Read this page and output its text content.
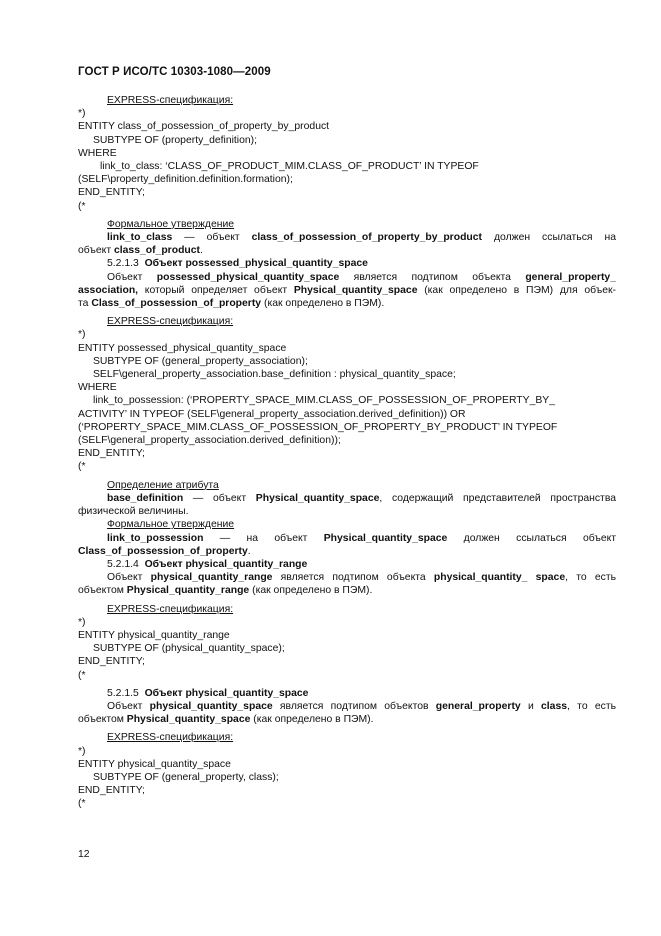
ГОСТ Р ИСО/ТС 10303-1080—2009
EXPRESS-спецификация:
*)
ENTITY class_of_possession_of_property_by_product
SUBTYPE OF (property_definition);
WHERE
link_to_class: ‘CLASS_OF_PRODUCT_MIM.CLASS_OF_PRODUCT’ IN TYPEOF
(SELF\property_definition.definition.formation);
END_ENTITY;
(*
Формальное утверждение
link_to_class — объект class_of_possession_of_property_by_product должен ссылаться на
объект class_of_product.
5.2.1.3  Объект possessed_physical_quantity_space
Объект possessed_physical_quantity_space является подтипом объекта general_property_
association, который определяет объект Physical_quantity_space (как определено в ПЭМ) для объек-
та Class_of_possession_of_property (как определено в ПЭМ).
EXPRESS-спецификация:
*)
ENTITY possessed_physical_quantity_space
SUBTYPE OF (general_property_association);
SELF\general_property_association.base_definition : physical_quantity_space;
WHERE
link_to_possession: (‘PROPERTY_SPACE_MIM.CLASS_OF_POSSESSION_OF_PROPERTY_BY_
ACTIVITY’ IN TYPEOF (SELF\general_property_association.derived_definition)) OR
(‘PROPERTY_SPACE_MIM.CLASS_OF_POSSESSION_OF_PROPERTY_BY_PRODUCT’ IN TYPEOF
(SELF\general_property_association.derived_definition));
END_ENTITY;
(*
Определение атрибута
base_definition — объект Physical_quantity_space, содержащий представителей пространства
физической величины.
Формальное утверждение
link_to_possession — на объект Physical_quantity_space должен ссылаться объект
Class_of_possession_of_property.
5.2.1.4  Объект physical_quantity_range
Объект physical_quantity_range является подтипом объекта physical_quantity_ space, то есть
объектом Physical_quantity_range (как определено в ПЭМ).
EXPRESS-спецификация:
*)
ENTITY physical_quantity_range
SUBTYPE OF (physical_quantity_space);
END_ENTITY;
(*
5.2.1.5  Объект physical_quantity_space
Объект physical_quantity_space является подтипом объектов general_property и class, то есть
объектом Physical_quantity_space (как определено в ПЭМ).
EXPRESS-спецификация:
*)
ENTITY physical_quantity_space
SUBTYPE OF (general_property, class);
END_ENTITY;
(*
12
